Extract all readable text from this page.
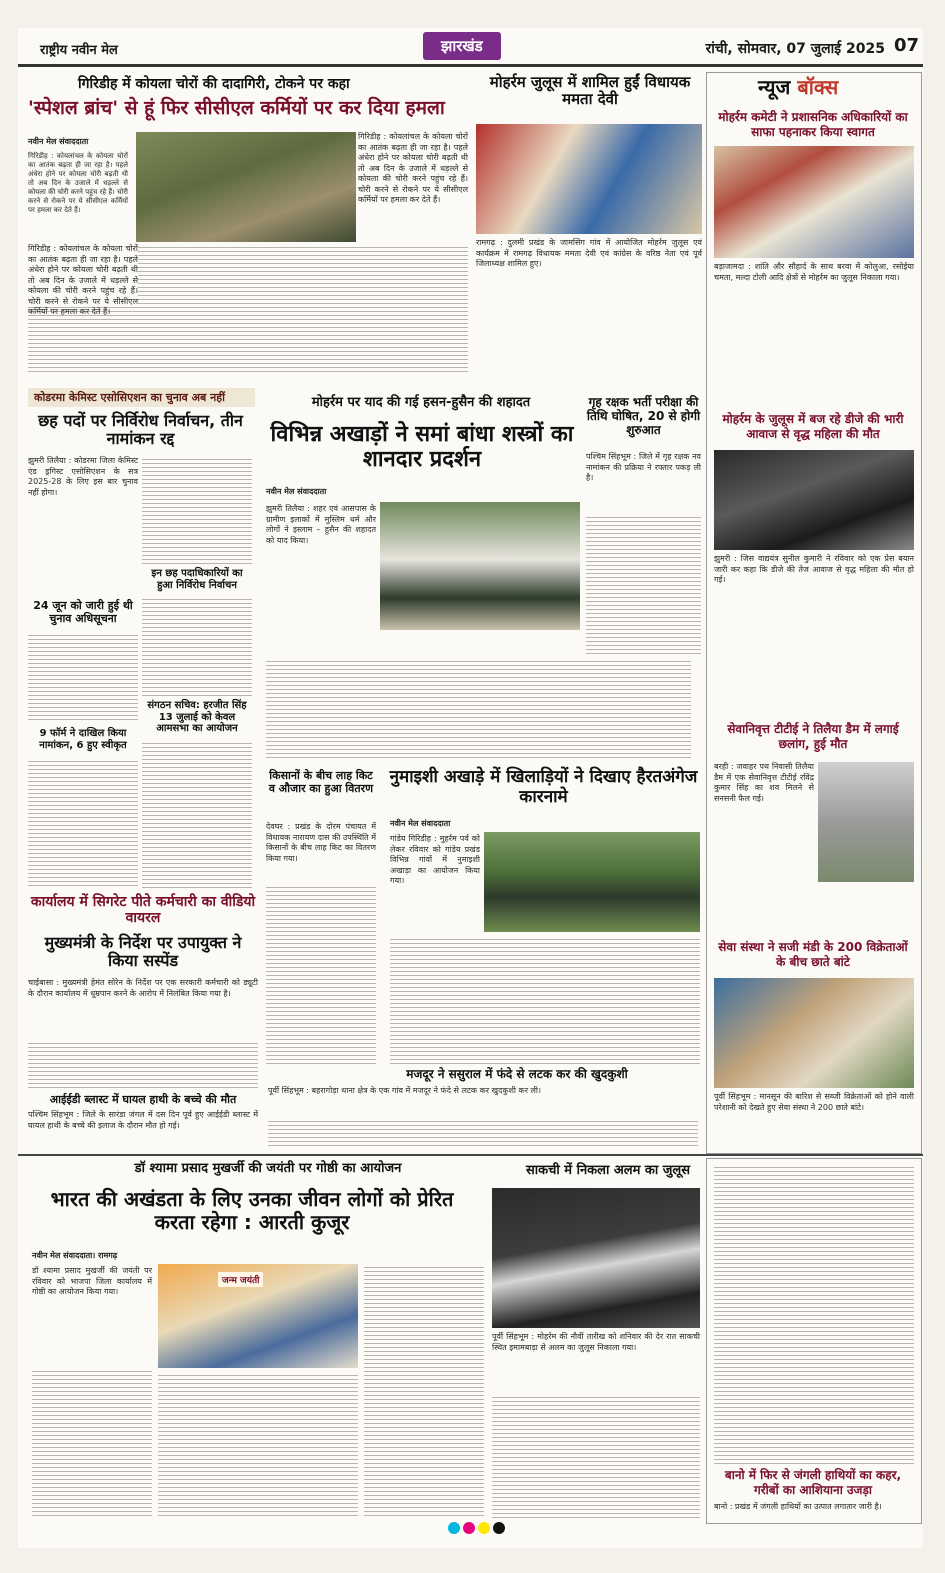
राष्ट्रीय नवीन मेल	झारखंड	रांची, सोमवार, 07 जुलाई 2025 07
गिरिडीह में कोयला चोरों की दादागिरी, टोकने पर कहा
'स्पेशल ब्रांच' से हूं फिर सीसीएल कर्मियों पर कर दिया हमला
नवीन मेल संवाददाता
गिरिडीह : कोयलांचल के कोयला चोरों का आतंक बढ़ता ही जा रहा है। पहले अंधेरा होने पर कोयला चोरी बढ़ती थी तो अब दिन के उजाले में धड़ल्ले से कोयला की चोरी करने पहुंच रहे हैं। चोरी करने से रोकने पर ये सीसीएल कर्मियों पर हमला कर देते हैं।
गिरिडीह : कोयलांचल के कोयला चोरों का आतंक बढ़ता ही जा रहा है। पहले अंधेरा होने पर कोयला चोरी बढ़ती थी तो अब दिन के उजाले में धड़ल्ले से कोयला की चोरी करने पहुंच रहे हैं। चोरी करने से रोकने पर ये सीसीएल कर्मियों पर हमला कर देते हैं।
गिरिडीह : कोयलांचल के कोयला चोरों का आतंक बढ़ता ही जा रहा है। पहले अंधेरा होने पर कोयला चोरी बढ़ती थी तो अब दिन के उजाले में धड़ल्ले से कोयला की चोरी करने पहुंच रहे हैं। चोरी करने से रोकने पर ये सीसीएल कर्मियों पर हमला कर देते हैं।
मोहर्रम जुलूस में शामिल हुईं विधायक ममता देवी
रामगढ़ : दुलमी प्रखंड के जामसिंग गांव में आयोजित मोहर्रम जुलूस एवं कार्यक्रम में रामगढ़ विधायक ममता देवी एवं कांग्रेस के वरिष्ठ नेता एवं पूर्व जिलाध्यक्ष शामिल हुए।
कोडरमा केमिस्ट एसोसिएशन का चुनाव अब नहीं
छह पदों पर निर्विरोध निर्वाचन, तीन नामांकन रद्द
झुमरी तिलैया : कोडरमा जिला केमिस्ट एंड ड्रगिस्ट एसोसिएशन के सत्र 2025-28 के लिए इस बार चुनाव नहीं होगा।
24 जून को जारी हुई थी चुनाव अधिसूचना
9 फॉर्म ने दाखिल किया नामांकन, 6 हुए स्वीकृत
इन छह पदाधिकारियों का हुआ निर्विरोध निर्वाचन
संगठन सचिव: हरजीत सिंह 13 जुलाई को केवल आमसभा का आयोजन
मोहर्रम पर याद की गई हसन-हुसैन की शहादत
विभिन्न अखाड़ों ने समां बांधा शस्त्रों का शानदार प्रदर्शन
नवीन मेल संवाददाता
झुमरी तिलैया : शहर एवं आसपास के ग्रामीण इलाकों में मुस्लिम धर्म और लोगों ने इस्लाम – हुसैन की शहादत को याद किया।
गृह रक्षक भर्ती परीक्षा की तिथि घोषित, 20 से होगी शुरुआत
पश्चिम सिंहभूम : जिले में गृह रक्षक नव नामांकन की प्रक्रिया ने रफ्तार पकड़ ली है।
किसानों के बीच लाह किट व औजार का हुआ वितरण
देवघर : प्रखंड के दोरम पंचायत में विधायक नारायण दास की उपस्थिति में किसानों के बीच लाह किट का वितरण किया गया।
नुमाइशी अखाड़े में खिलाड़ियों ने दिखाए हैरतअंगेज कारनामे
नवीन मेल संवाददाता
गांडेय गिरिडीह : मुहर्रम पर्व को लेकर रविवार को गांडेय प्रखंड विभिन्न गांवों में नुमाइशी अखाड़ा का आयोजन किया गया।
कार्यालय में सिगरेट पीते कर्मचारी का वीडियो वायरल
मुख्यमंत्री के निर्देश पर उपायुक्त ने किया सस्पेंड
चाईबासा : मुख्यमंत्री हेमंत सोरेन के निर्देश पर एक सरकारी कर्मचारी को ड्यूटी के दौरान कार्यालय में धूम्रपान करने के आरोप में निलंबित किया गया है।
आईईडी ब्लास्ट में घायल हाथी के बच्चे की मौत
पश्चिम सिंहभूम : जिले के सारंडा जंगल में दस दिन पूर्व हुए आईईडी ब्लास्ट में घायल हाथी के बच्चे की इलाज के दौरान मौत हो गई।
मजदूर ने ससुराल में फंदे से लटक कर की खुदकुशी
पूर्वी सिंहभूम : बहरागोड़ा थाना क्षेत्र के एक गांव में मजदूर ने फंदे से लटक कर खुदकुशी कर ली।
न्यूज बॉक्स
मोहर्रम कमेटी ने प्रशासनिक अधिकारियों का साफा पहनाकर किया स्वागत
बड़ाजामदा : शांति और सौहार्द के साथ बरवा में कोलुआ, रसोईया चमता, मल्दा टोली आदि क्षेत्रों से मोहर्रम का जुलूस निकाला गया।
मोहर्रम के जुलूस में बज रहे डीजे की भारी आवाज से वृद्ध महिला की मौत
झुमरी : जिस वाद्ययंत्र सुनील कुमारी ने रविवार को एक प्रेस बयान जारी कर कहा कि डीजे की तेज आवाज से वृद्ध महिला की मौत हो गई।
सेवानिवृत्त टीटीई ने तिलैया डैम में लगाई छलांग, हुई मौत
बरही : जवाहर पथ निवासी तिलैया डैम में एक सेवानिवृत्त टीटीई रविंद्र कुमार सिंह का शव मिलने से सनसनी फैल गई।
सेवा संस्था ने सजी मंडी के 200 विक्रेताओं के बीच छाते बांटे
पूर्वी सिंहभूम : मानसून की बारिश से सब्जी विक्रेताओं को होने वाली परेशानी को देखते हुए सेवा संस्था ने 200 छाते बांटे।
डॉ श्यामा प्रसाद मुखर्जी की जयंती पर गोष्ठी का आयोजन
भारत की अखंडता के लिए उनका जीवन लोगों को प्रेरित करता रहेगा : आरती कुजूर
नवीन मेल संवाददाता। रामगढ़
डॉ श्यामा प्रसाद मुखर्जी की जयंती पर रविवार को भाजपा जिला कार्यालय में गोष्ठी का आयोजन किया गया।
जन्म जयंती
साकची में निकला अलम का जुलूस
पूर्वी सिंहभूम : मोहर्रम की नौवीं तारीख को शनिवार की देर रात साकची स्थित इमामबाड़ा से अलम का जुलूस निकाला गया।
बानो में फिर से जंगली हाथियों का कहर, गरीबों का आशियाना उजड़ा
बानो : प्रखंड में जंगली हाथियों का उत्पात लगातार जारी है।
